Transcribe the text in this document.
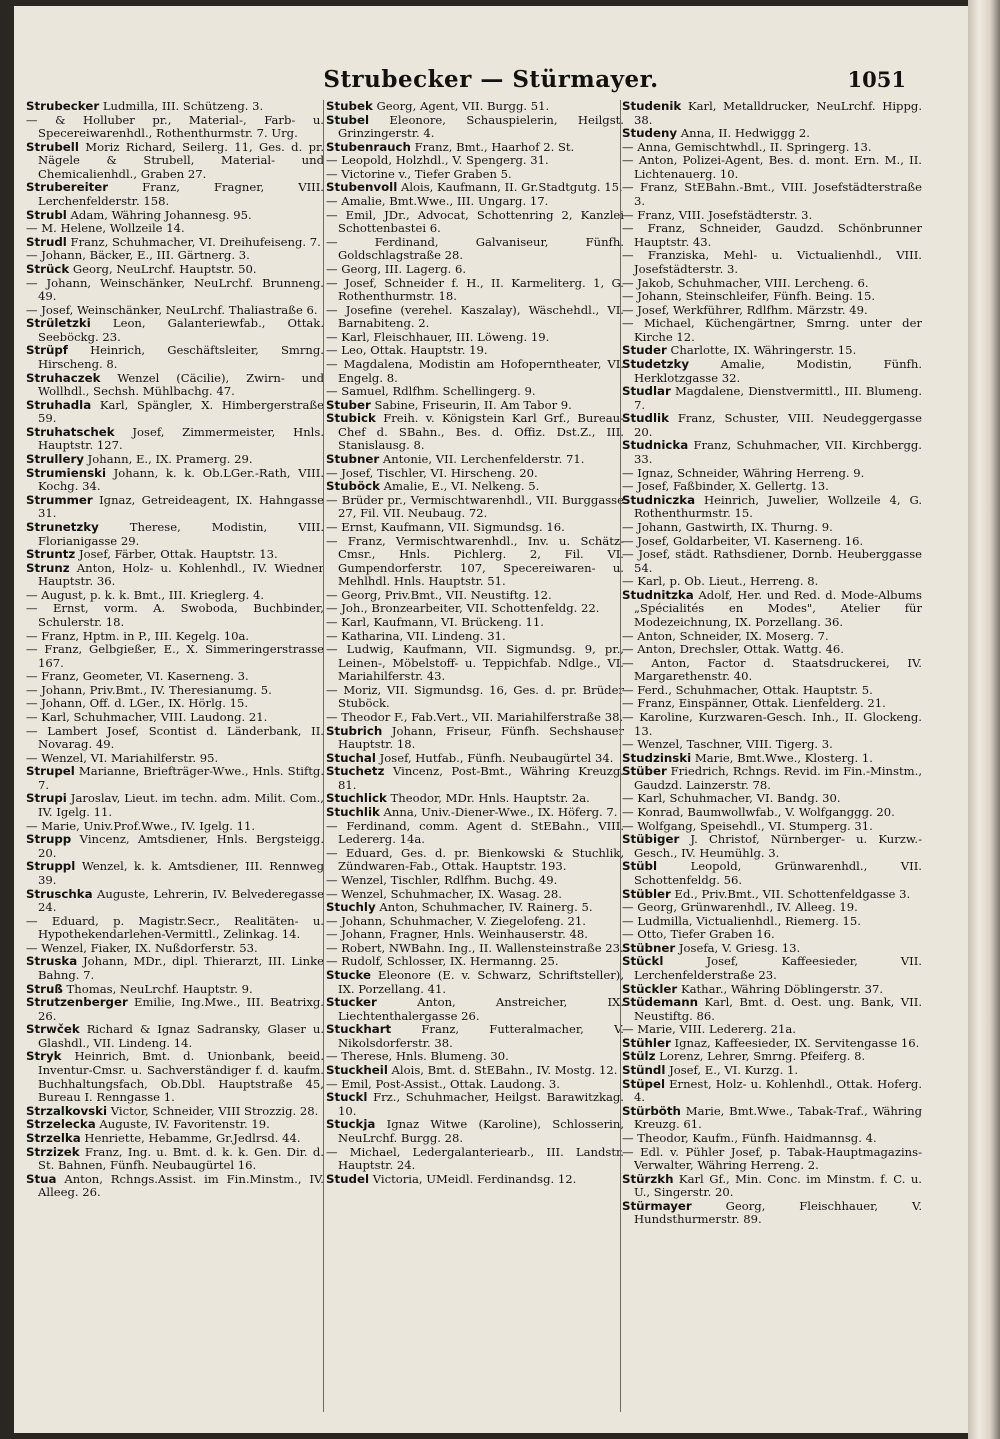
Strubecker — Stürmayer.	1051

Strubecker Ludmilla, III. Schützeng. 3.

— & Holluber pr., Material-, Farb- u. Specereiwarenhdl., Rothenthurmstr. 7. Urg.

Strubell Moriz Richard, Seilerg. 11, Ges. d. pr. Nägele & Strubell, Material- und Chemicalienhdl., Graben 27.

Strubereiter	Franz, Fragner, VIII. Lerchenfelderstr. 158.

Strubl Adam, Währing Johannesg. 95.

— M. Helene, Wollzeile 14.

Strudl Franz, Schuhmacher, VI. Dreihufeiseng. 7.

— Johann, Bäcker, E., III. Gärtnerg. 3.

Strück Georg, NeuLrchf. Hauptstr. 50.

— Johann, Weinschänker, NeuLrchf. Brunneng. 49.

— Josef, Weinschänker, NeuLrchf. Thaliastraße 6.

Strületzki Leon, Galanteriewfab., Ottak. Seeböckg. 23.

Strüpf Heinrich, Geschäftsleiter, Smrng. Hirscheng. 8.

Struhaczek Wenzel (Cäcilie), Zwirn- und Wollhdl., Sechsh. Mühlbachg. 47.

Struhadla Karl, Spängler, X. Himbergerstraße 59.

Struhatschek Josef, Zimmermeister, Hnls. Hauptstr. 127.

Strullery Johann, E., IX. Pramerg. 29.

Strumienski Johann, k. k. Ob.LGer.-Rath, VIII. Kochg. 34.

Strummer Ignaz, Getreideagent, IX. Hahngasse 31.

Strunetzky	Therese, Modistin, VIII. Florianigasse 29.

Struntz Josef, Färber, Ottak. Hauptstr. 13.

Strunz Anton, Holz- u. Kohlenhdl., IV. Wiedner Hauptstr. 36.

— August, p. k. k. Bmt., III. Krieglerg. 4.

— Ernst, vorm. A. Swoboda, Buchbinder, Schulerstr. 18.

— Franz, Hptm. in P., III. Kegelg. 10a.

— Franz, Gelbgießer, E., X. Simmeringerstrasse 167.

— Franz, Geometer, VI. Kaserneng. 3.

— Johann, Priv.Bmt., IV. Theresianumg. 5.

— Johann, Off. d. LGer., IX. Hörlg. 15.

— Karl, Schuhmacher, VIII. Laudong. 21.

— Lambert Josef, Scontist d. Länderbank, II. Novarag. 49.

— Wenzel, VI. Mariahilferstr. 95.

Strupel Marianne, Briefträger-Wwe., Hnls. Stiftg. 7.

Strupi Jaroslav, Lieut. im techn. adm. Milit. Com., IV. Igelg. 11.

— Marie, Univ.Prof.Wwe., IV. Igelg. 11.

Strupp Vincenz, Amtsdiener, Hnls. Bergsteigg. 20.

Struppl Wenzel, k. k. Amtsdiener, III. Rennweg 39.

Struschka Auguste, Lehrerin, IV. Belvederegasse 24.

— Eduard, p. Magistr.Secr., Realitäten- u. Hypothekendarlehen-Vermittl., Zelinkag. 14.

— Wenzel, Fiaker, IX. Nußdorferstr. 53.

Struska Johann, MDr., dipl. Thierarzt, III. Linke Bahng. 7.

Struß Thomas, NeuLrchf. Hauptstr. 9.

Strutzenberger Emilie, Ing.Mwe., III. Beatrixg. 26.

Strwček Richard & Ignaz Sadransky, Glaser u. Glashdl., VII. Lindeng. 14.

Stryk Heinrich, Bmt. d. Unionbank, beeid. Inventur-Cmsr. u. Sachverständiger f. d. kaufm. Buchhaltungsfach, Ob.Dbl. Hauptstraße 45, Bureau I. Renngasse 1.

Strzalkovski Victor, Schneider, VIII Strozzig. 28.

Strzelecka Auguste, IV. Favoritenstr. 19.

Strzelka Henriette, Hebamme, Gr.Jedlrsd. 44.

Strzizek Franz, Ing. u. Bmt. d. k. k. Gen. Dir. d. St. Bahnen, Fünfh. Neubaugürtel 16.

Stua Anton, Rchngs.Assist. im Fin.Minstm., IV. Alleeg. 26.

Stubek Georg, Agent, VII. Burgg. 51.

Stubel Eleonore, Schauspielerin, Heilgst. Grinzingerstr. 4.

Stubenrauch Franz, Bmt., Haarhof 2. St.

— Leopold, Holzhdl., V. Spengerg. 31.

— Victorine v., Tiefer Graben 5.

Stubenvoll Alois, Kaufmann, II. Gr.Stadtgutg. 15.

— Amalie, Bmt.Wwe., III. Ungarg. 17.

— Emil, JDr., Advocat, Schottenring 2, Kanzlei Schottenbastei 6.

— Ferdinand, Galvaniseur, Fünfh. Goldschlagstraße 28.

— Georg, III. Lagerg. 6.

— Josef, Schneider f. H., II. Karmeliterg. 1, G. Rothenthurmstr. 18.

— Josefine (verehel. Kaszalay), Wäschehdl., VI. Barnabiteng. 2.

— Karl, Fleischhauer, III. Löweng. 19.

— Leo, Ottak. Hauptstr. 19.

— Magdalena, Modistin am Hofoperntheater, VI. Engelg. 8.

— Samuel, Rdlfhm. Schellingerg. 9.

Stuber Sabine, Friseurin, II. Am Tabor 9.

Stubick Freih. v. Königstein Karl Grf., Bureau-Chef d. SBahn., Bes. d. Offiz. Dst.Z., III. Stanislausg. 8.

Stubner Antonie, VII. Lerchenfelderstr. 71.

— Josef, Tischler, VI. Hirscheng. 20.

Stuböck Amalie, E., VI. Nelkeng. 5.

— Brüder pr., Vermischtwarenhdl., VII. Burggasse 27, Fil. VII. Neubaug. 72.

— Ernst, Kaufmann, VII. Sigmundsg. 16.

— Franz, Vermischtwarenhdl., Inv. u. Schätz-Cmsr., Hnls. Pichlerg. 2, Fil. VI. Gumpendorferstr. 107, Specereiwaren- u. Mehlhdl. Hnls. Hauptstr. 51.

— Georg, Priv.Bmt., VII. Neustiftg. 12.

— Joh., Bronzearbeiter, VII. Schottenfeldg. 22.

— Karl, Kaufmann, VI. Brückeng. 11.

— Katharina, VII. Lindeng. 31.

— Ludwig, Kaufmann, VII. Sigmundsg. 9, pr., Leinen-, Möbelstoff- u. Teppichfab. Ndlge., VI. Mariahilferstr. 43.

— Moriz, VII. Sigmundsg. 16, Ges. d. pr. Brüder Stuböck.

— Theodor F., Fab.Vert., VII. Mariahilferstraße 38.

Stubrich Johann, Friseur, Fünfh. Sechshauser Hauptstr. 18.

Stuchal Josef, Hutfab., Fünfh. Neubaugürtel 34.

Stuchetz Vincenz, Post-Bmt., Währing Kreuzg. 81.

Stuchlick Theodor, MDr. Hnls. Hauptstr. 2a.

Stuchlik Anna, Univ.-Diener-Wwe., IX. Höferg. 7.

— Ferdinand, comm. Agent d. StEBahn., VIII. Ledererg. 14a.

— Eduard, Ges. d. pr. Bienkowski & Stuchlik, Zündwaren-Fab., Ottak. Hauptstr. 193.

— Wenzel, Tischler, Rdlfhm. Buchg. 49.

— Wenzel, Schuhmacher, IX. Wasag. 28.

Stuchly Anton, Schuhmacher, IV. Rainerg. 5.

— Johann, Schuhmacher, V. Ziegelofeng. 21.

— Johann, Fragner, Hnls. Weinhauserstr. 48.

— Robert, NWBahn. Ing., II. Wallensteinstraße 23.

— Rudolf, Schlosser, IX. Hermanng. 25.

Stucke Eleonore (E. v. Schwarz, Schriftsteller), IX. Porzellang. 41.

Stucker	Anton, Anstreicher, IX. Liechtenthalergasse 26.

Stuckhart	Franz, Futteralmacher, V. Nikolsdorferstr. 38.

— Therese, Hnls. Blumeng. 30.

Stuckheil Alois, Bmt. d. StEBahn., IV. Mostg. 12.

— Emil, Post-Assist., Ottak. Laudong. 3.

Stuckl Frz., Schuhmacher, Heilgst. Barawitzkag. 10.

Stuckja Ignaz Witwe (Karoline), Schlosserin, NeuLrchf. Burgg. 28.

— Michael, Ledergalanteriearb., III. Landstr. Hauptstr. 24.

Studel Victoria, UMeidl. Ferdinandsg. 12.

Studenik Karl, Metalldrucker, NeuLrchf. Hippg. 38.

Studeny Anna, II. Hedwiggg 2.

— Anna, Gemischtwhdl., II. Springerg. 13.

— Anton, Polizei-Agent, Bes. d. mont. Ern. M., II. Lichtenauerg. 10.

— Franz, StEBahn.-Bmt., VIII. Josefstädterstraße 3.

— Franz, VIII. Josefstädterstr. 3.

— Franz, Schneider, Gaudzd. Schönbrunner Hauptstr. 43.

— Franziska, Mehl- u. Victualienhdl., VIII. Josefstädterstr. 3.

— Jakob, Schuhmacher, VIII. Lercheng. 6.

— Johann, Steinschleifer, Fünfh. Being. 15.

— Josef, Werkführer, Rdlfhm. Märzstr. 49.

— Michael, Küchengärtner, Smrng. unter der Kirche 12.

Studer Charlotte, IX. Währingerstr. 15.

Studetzky	Amalie, Modistin, Fünfh. Herklotzgasse 32.

Studlar Magdalene, Dienstvermittl., III. Blumeng. 7.

Studlik Franz, Schuster, VIII. Neudeggergasse 20.

Studnicka Franz, Schuhmacher, VII. Kirchbergg. 33.

— Ignaz, Schneider, Währing Herreng. 9.

— Josef, Faßbinder, X. Gellertg. 13.

Studniczka Heinrich, Juwelier, Wollzeile 4, G. Rothenthurmstr. 15.

— Johann, Gastwirth, IX. Thurng. 9.

— Josef, Goldarbeiter, VI. Kaserneng. 16.

— Josef, städt. Rathsdiener, Dornb. Heuberggasse 54.

— Karl, p. Ob. Lieut., Herreng. 8.

Studnitzka Adolf, Her. und Red. d. Mode-Albums „Spécialités en Modes", Atelier für Modezeichnung, IX. Porzellang. 36.

— Anton, Schneider, IX. Moserg. 7.

— Anton, Drechsler, Ottak. Wattg. 46.

— Anton, Factor d. Staatsdruckerei, IV. Margarethenstr. 40.

— Ferd., Schuhmacher, Ottak. Hauptstr. 5.

— Franz, Einspänner, Ottak. Lienfelderg. 21.

— Karoline, Kurzwaren-Gesch. Inh., II. Glockeng. 13.

— Wenzel, Taschner, VIII. Tigerg. 3.

Studzinski Marie, Bmt.Wwe., Klosterg. 1.

Stüber Friedrich, Rchngs. Revid. im Fin.-Minstm., Gaudzd. Lainzerstr. 78.

— Karl, Schuhmacher, VI. Bandg. 30.

— Konrad, Baumwollwfab., V. Wolfganggg. 20.

— Wolfgang, Speisehdl., VI. Stumperg. 31.

Stübiger J. Christof, Nürnberger- u. Kurzw.-Gesch., IV. Heumühlg. 3.

Stübl	Leopold, Grünwarenhdl., VII. Schottenfeldg. 56.

Stübler Ed., Priv.Bmt., VII. Schottenfeldgasse 3.

— Georg, Grünwarenhdl., IV. Alleeg. 19.

— Ludmilla, Victualienhdl., Riemerg. 15.

— Otto, Tiefer Graben 16.

Stübner Josefa, V. Griesg. 13.

Stückl	Josef, Kaffeesieder, VII. Lerchenfelderstraße 23.

Stückler Kathar., Währing Döblingerstr. 37.

Stüdemann Karl, Bmt. d. Oest. ung. Bank, VII. Neustiftg. 86.

— Marie, VIII. Ledererg. 21a.

Stühler Ignaz, Kaffeesieder, IX. Servitengasse 16.

Stülz Lorenz, Lehrer, Smrng. Pfeiferg. 8.

Stündl Josef, E., VI. Kurzg. 1.

Stüpel Ernest, Holz- u. Kohlenhdl., Ottak. Hoferg. 4.

Stürböth Marie, Bmt.Wwe., Tabak-Traf., Währing Kreuzg. 61.

— Theodor, Kaufm., Fünfh. Haidmannsg. 4.

— Edl. v. Pühler Josef, p. Tabak-Hauptmagazins-Verwalter, Währing Herreng. 2.

Stürzkh Karl Gf., Min. Conc. im Minstm. f. C. u. U., Singerstr. 20.

Stürmayer	Georg, Fleischhauer, V. Hundsthurmerstr. 89.
